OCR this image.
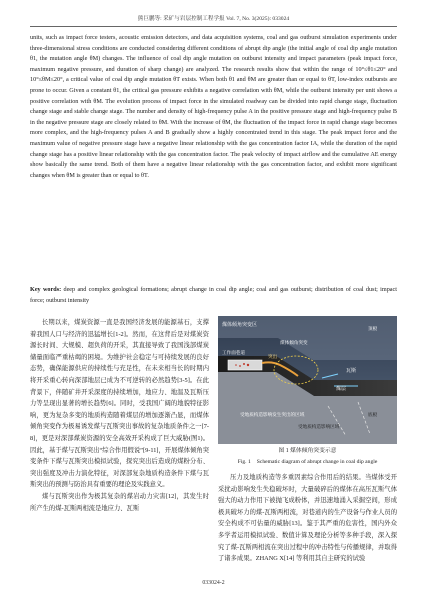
熊巨鹏等: 采矿与岩层控制工程学报 Vol. 7, No. 3(2025): 033024

units, such as impact force testers, acoustic emission detectors, and data acquisition systems, coal and gas outburst simulation experiments under three-dimensional stress conditions are conducted considering different conditions of abrupt dip angle (the initial angle of coal dip angle mutation θ1, the mutation angle θM) changes. The influence of coal dip angle mutation on outburst intensity and impact parameters (peak impact force, maximum negative pressure, and duration of sharp change) are analyzed. The research results show that within the range of 10°≤θ1≤20° and 10°≤θM≤20°, a critical value of coal dip angle mutation θT exists. When both θ1 and θM are greater than or equal to θT, low-index outbursts are prone to occur. Given a constant θ1, the critical gas pressure exhibits a negative correlation with θM, while the outburst intensity per unit shows a positive correlation with θM. The evolution process of impact force in the simulated roadway can be divided into rapid change stage, fluctuation change stage and stable change stage. The number and density of high-frequency pulse A in the positive pressure stage and high-frequency pulse B in the negative pressure stage are closely related to θM. With the increase of θM, the fluctuation of the impact force in rapid change stage becomes more complex, and the high-frequency pulses A and B gradually show a highly concentrated trend in this stage. The peak impact force and the maximum value of negative pressure stage have a negative linear relationship with the gas concentration factor IA, while the duration of the rapid change stage has a positive linear relationship with the gas concentration factor. The peak velocity of impact airflow and the cumulative AE energy show basically the same trend. Both of them have a negative linear relationship with the gas concentration factor, and exhibit more significant changes when θM is greater than or equal to θT.

Key words: deep and complex geological formations; abrupt change in coal dip angle; coal and gas outburst; distribution of coal dust; impact force; outburst intensity

长期以来，煤炭资源一直是我国经济发展的能源基石，支撑着我国人口与经济的迅猛增长[1-2]。然而，在这背后是对煤炭资源长时间、大规模、超负荷的开采，其直接导致了我国浅部煤炭储量面临严重枯竭的困境。为维护社会稳定与可持续发展的良好态势，确保能源供应的持续性与充足性，在未来相当长的时期内将开采重心转向深部地层已成为不可逆转的必然趋势[3-5]。在此背景下，伴随矿井开采深度的持续增加，地应力、地温及瓦斯压力等呈现出显著的增长趋势[6]。同时，受我国广阔的地貌特征影响，更为复杂多变的地质构造随着煤层的增加逐渐凸显，而煤体倾角突变作为极易诱发煤与瓦斯突出事故的复杂地质条件之一[7-8]，更是对深部煤炭资源的安全高效开采构成了巨大威胁(图1)。因此，基于煤与瓦斯突出“综合作用假说”[9-11]，开展煤体倾角突变条件下煤与瓦斯突出模拟试验，探究突出后造成的煤粉分布、突出强度及冲击力演化特征，对深部复杂地质构造条件下煤与瓦斯突出的预测与防治具有重要的理论及实践意义。

煤与瓦斯突出作为极其复杂的煤岩动力灾害[12]，其发生时所产生的煤-瓦斯两相流是地应力、瓦斯

煤体倾角突变区
工作面巷道
煤层
瓦斯
突出
煤体倾角突变
受地质构造影响发生突出的区域
受地质构造影响区域
底板
顶板
图 1 煤体倾角突变示意
Fig. 1 Schematic diagram of abrupt change in coal dip angle

压力及地质构造等多重因素综合作用后的结果。当煤体受开采扰动影响发生失稳破坏时，大量破碎后的煤体在高压瓦斯气体强大的动力作用下被抛飞成粉体，并迅速地涌入采掘空间，形成极具破坏力的煤-瓦斯两相流，对巷道内的生产设备与作业人员的安全构成不可估量的威胁[13]。鉴于其严重的危害性，国内外众多学者运用模拟试验、数值计算及理论分析等多种手段，深入探究了煤-瓦斯两相流在突出过程中的冲击特性与传播规律，并取得了诸多成果。ZHANG X[14] 等利用其自主研究的试验

033024-2
